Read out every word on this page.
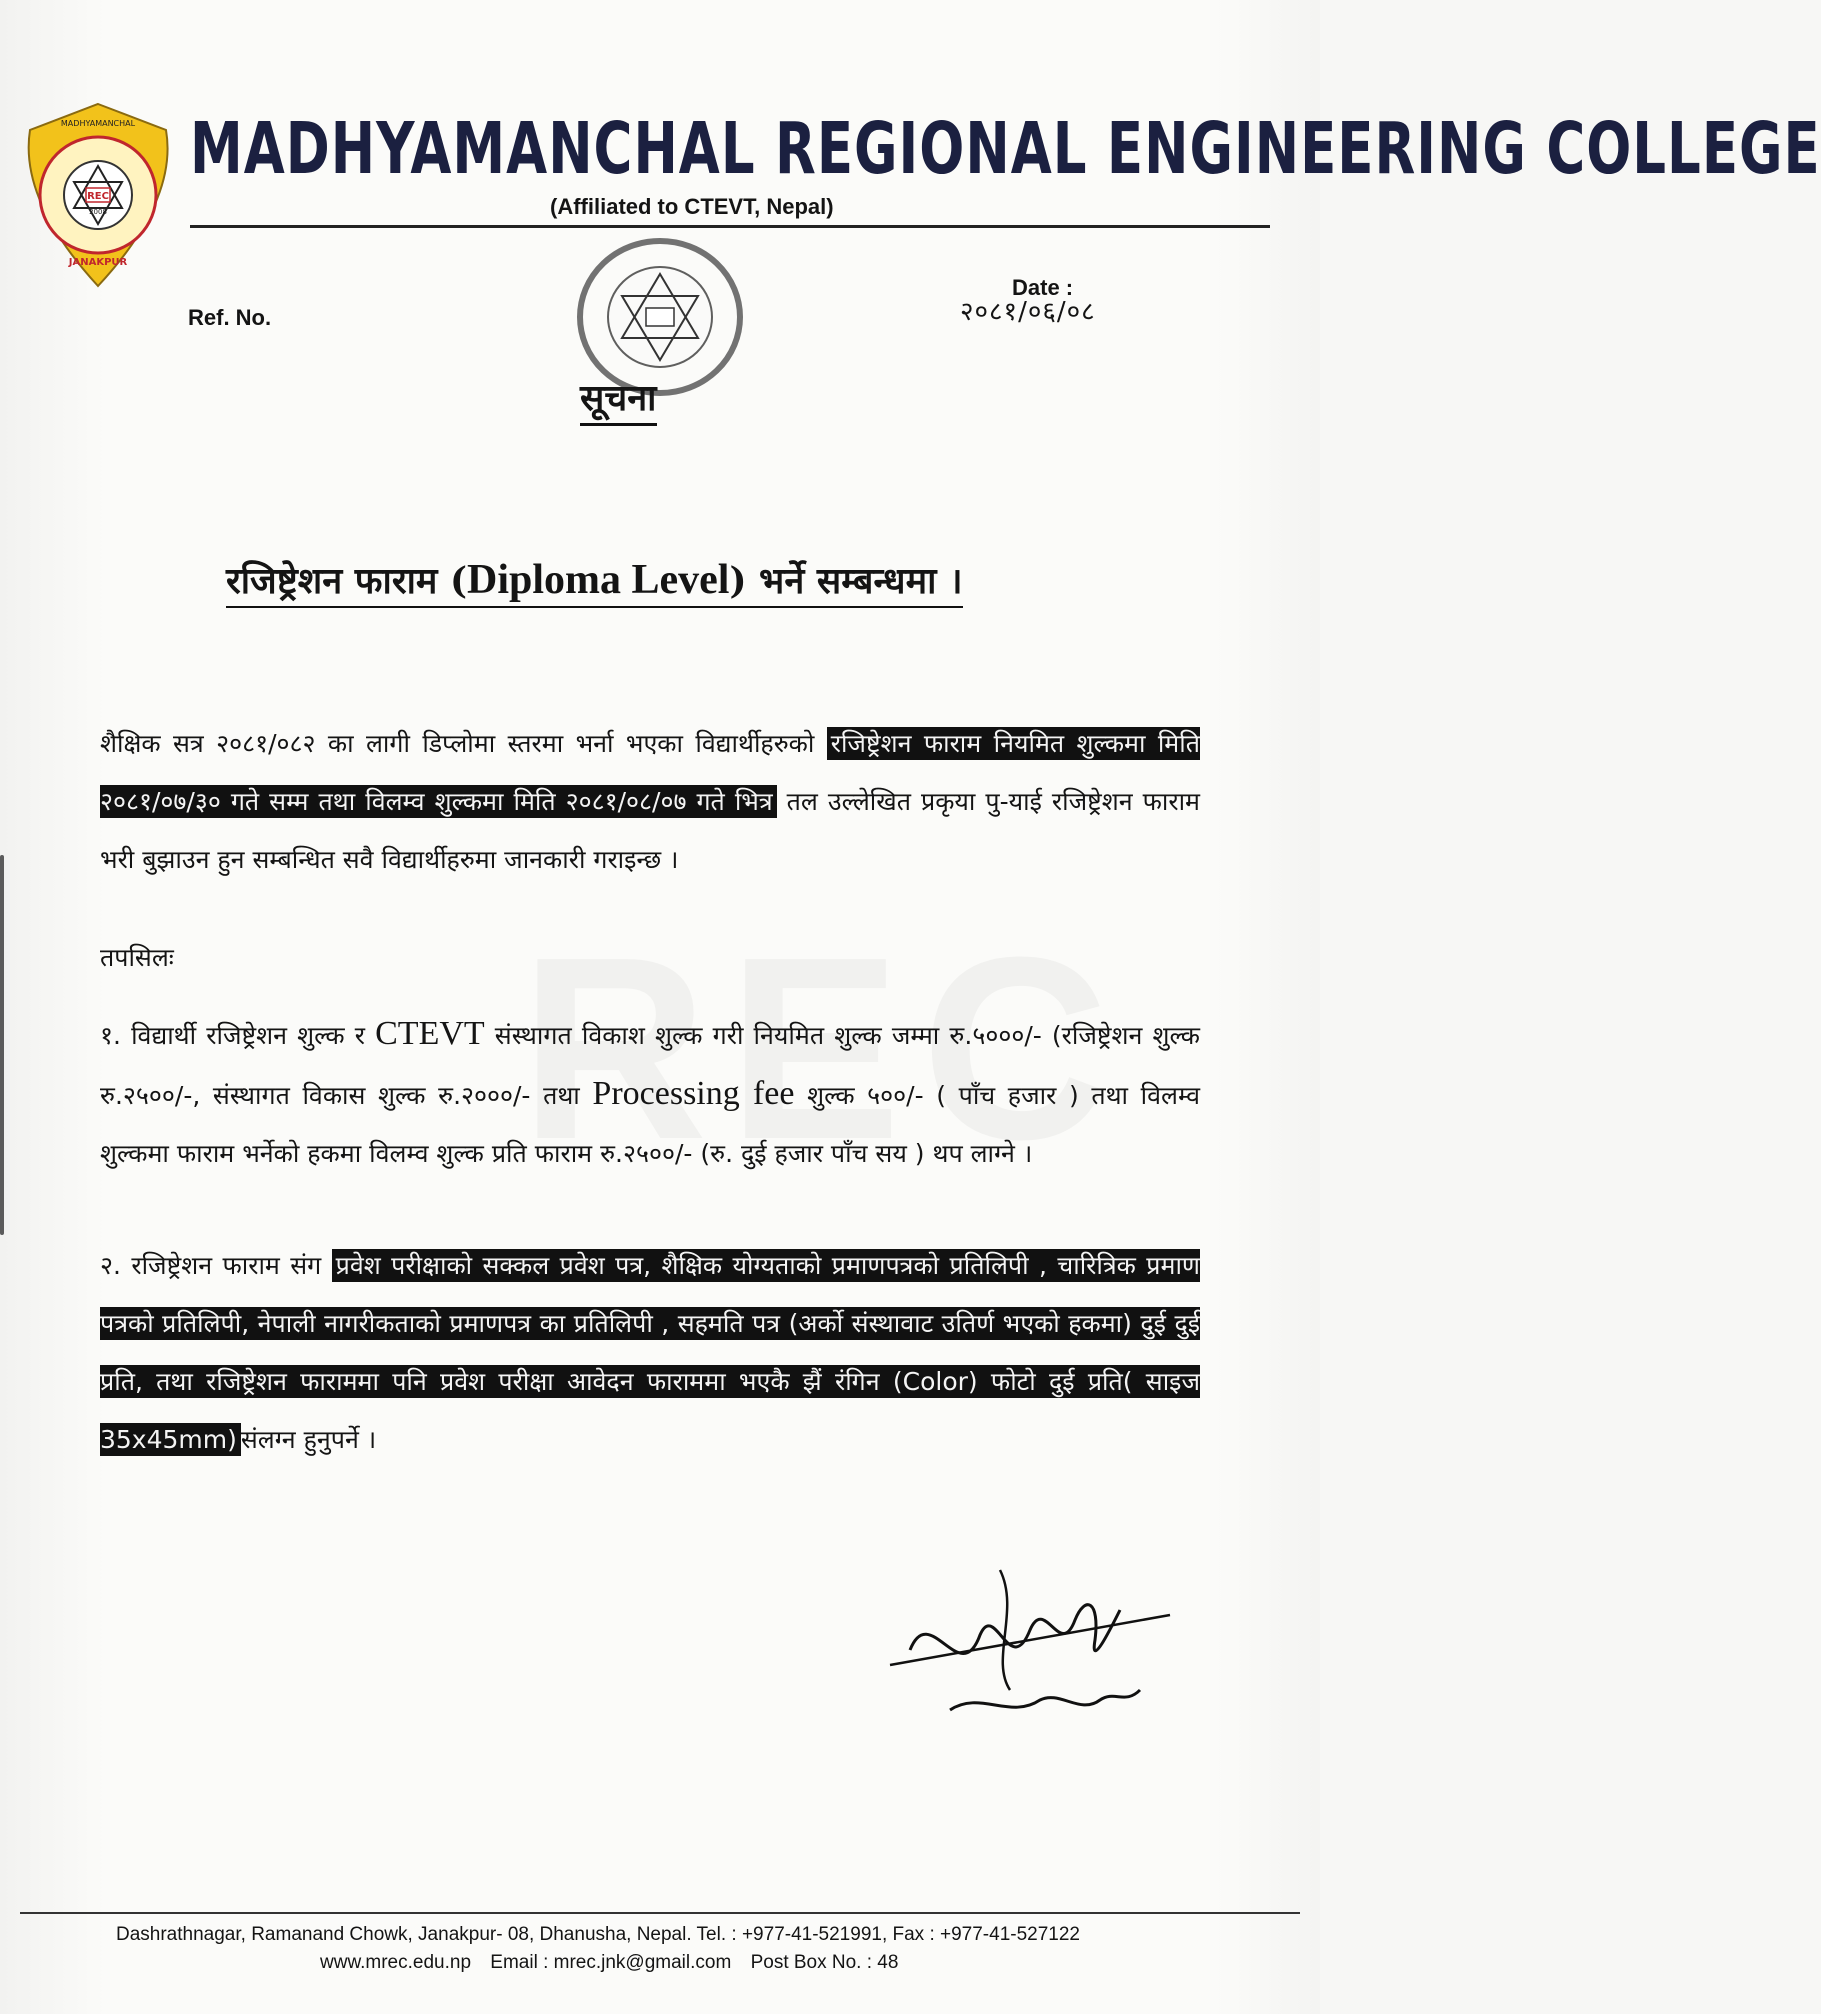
REC
2008
MADHYAMANCHAL
JANAKPUR
MADHYAMANCHAL REGIONAL ENGINEERING COLLEGE
(Affiliated to CTEVT, Nepal)
Ref. No.
Date :
२०८१/०६/०८
सूचना
रजिष्ट्रेशन फाराम (Diploma Level) भर्ने सम्बन्धमा ।
शैक्षिक सत्र २०८१/०८२ का लागी डिप्लोमा स्तरमा भर्ना भएका विद्यार्थीहरुको रजिष्ट्रेशन फाराम नियमित शुल्कमा मिति २०८१/०७/३० गते सम्म तथा विलम्व शुल्कमा मिति २०८१/०८/०७ गते भित्र तल उल्लेखित प्रकृया पु-याई रजिष्ट्रेशन फाराम भरी बुझाउन हुन सम्बन्धित सवै विद्यार्थीहरुमा जानकारी गराइन्छ ।
तपसिलः
१. विद्यार्थी रजिष्ट्रेशन शुल्क र CTEVT संस्थागत विकाश शुल्क गरी नियमित शुल्क जम्मा रु.५०००/- (रजिष्ट्रेशन शुल्क रु.२५००/-, संस्थागत विकास शुल्क रु.२०००/- तथा Processing fee शुल्क ५००/- ( पाँच हजार ) तथा विलम्व शुल्कमा फाराम भर्नेको हकमा विलम्व शुल्क प्रति फाराम रु.२५००/- (रु. दुई हजार पाँच सय ) थप लाग्ने ।
२. रजिष्ट्रेशन फाराम संग प्रवेश परीक्षाको सक्कल प्रवेश पत्र, शैक्षिक योग्यताको प्रमाणपत्रको प्रतिलिपी , चारित्रिक प्रमाण पत्रको प्रतिलिपी, नेपाली नागरीकताको प्रमाणपत्र का प्रतिलिपी , सहमति पत्र (अर्को संस्थावाट उतिर्ण भएको हकमा) दुई दुई प्रति, तथा रजिष्ट्रेशन फाराममा पनि प्रवेश परीक्षा आवेदन फाराममा भएकै झैं रंगिन (Color) फोटो दुई प्रति( साइज 35x45mm) संलग्न हुनुपर्ने ।
Dashrathnagar, Ramanand Chowk, Janakpur- 08, Dhanusha, Nepal. Tel. : +977-41-521991, Fax : +977-41-527122
www.mrec.edu.np Email : mrec.jnk@gmail.com Post Box No. : 48
